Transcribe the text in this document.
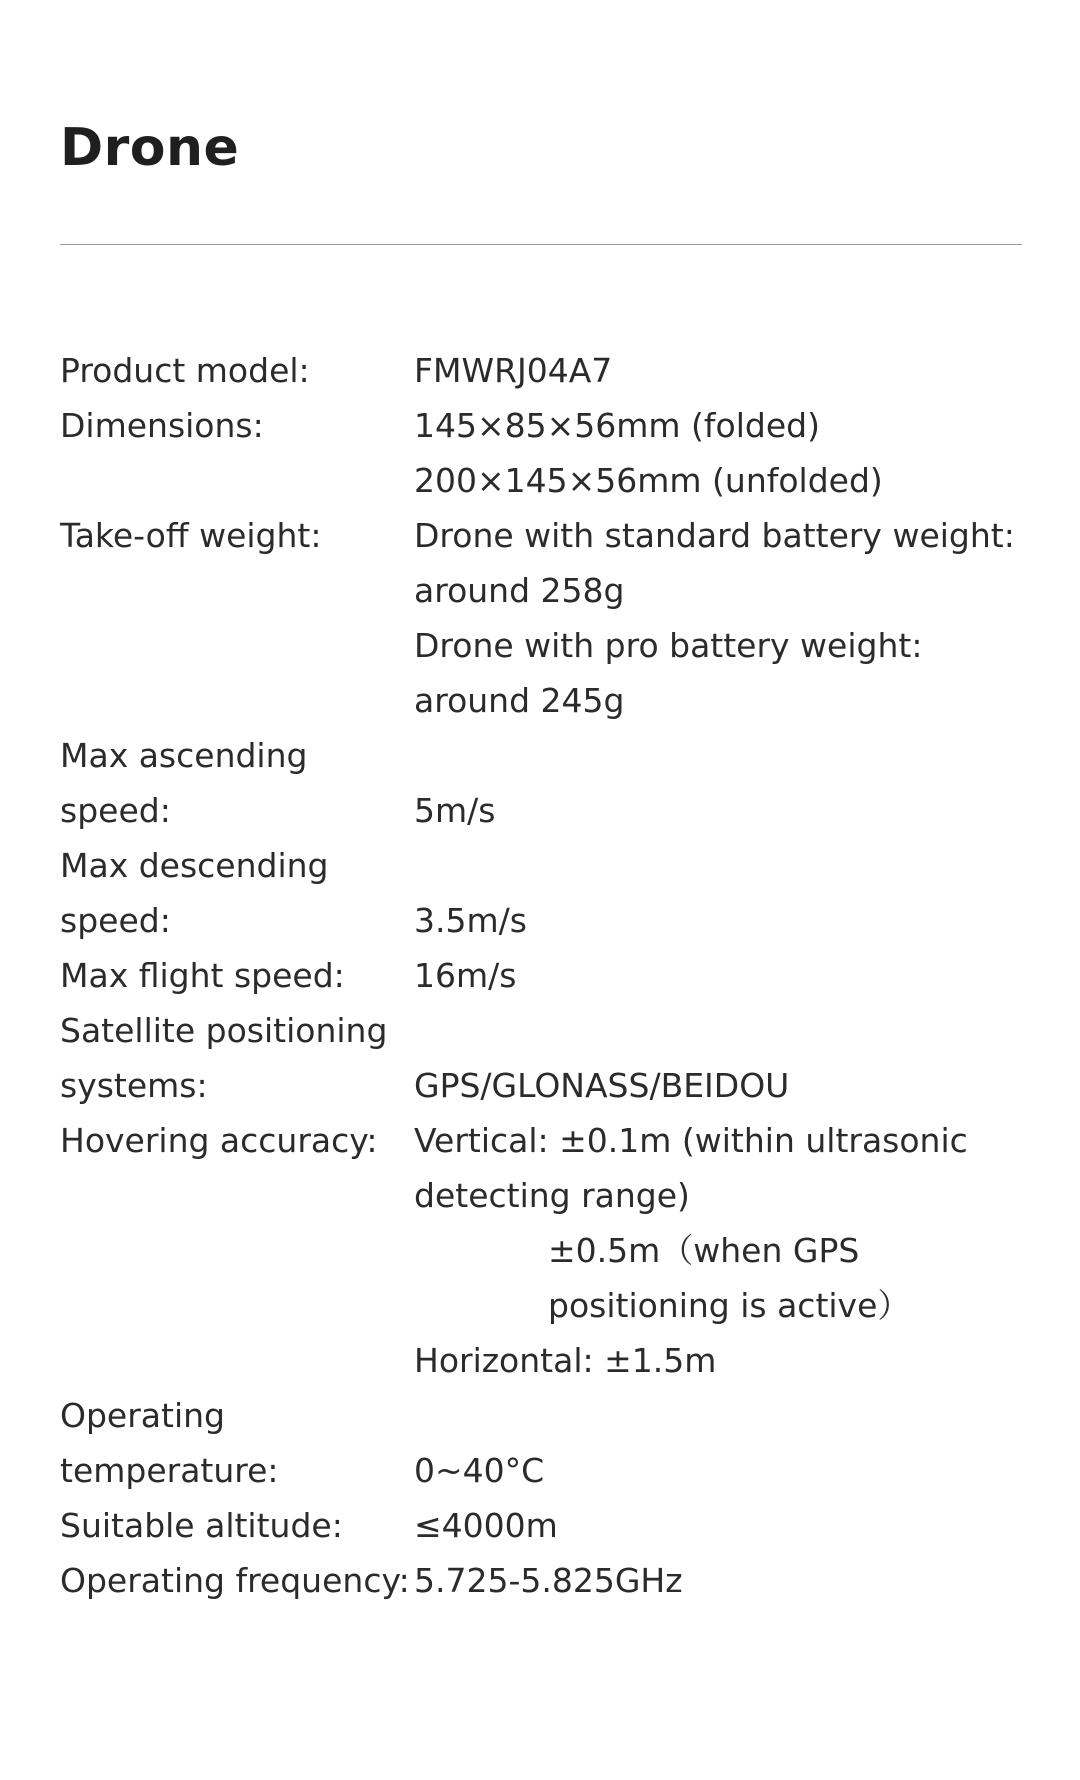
Drone
Product model:	FMWRJ04A7
Dimensions:	145×85×56mm (folded)
200×145×56mm (unfolded)
Take-off weight:	Drone with standard battery weight: around 258g
Drone with pro battery weight: around 245g
Max ascending speed:	5m/s
Max descending speed:	3.5m/s
Max flight speed:	16m/s
Satellite positioning systems:	GPS/GLONASS/BEIDOU
Hovering accuracy:	Vertical: ±0.1m (within ultrasonic detecting range)
±0.5m（when GPS positioning is active）
Horizontal: ±1.5m
Operating temperature:	0~40°C
Suitable altitude:	≤4000m
Operating frequency: 5.725-5.825GHz
